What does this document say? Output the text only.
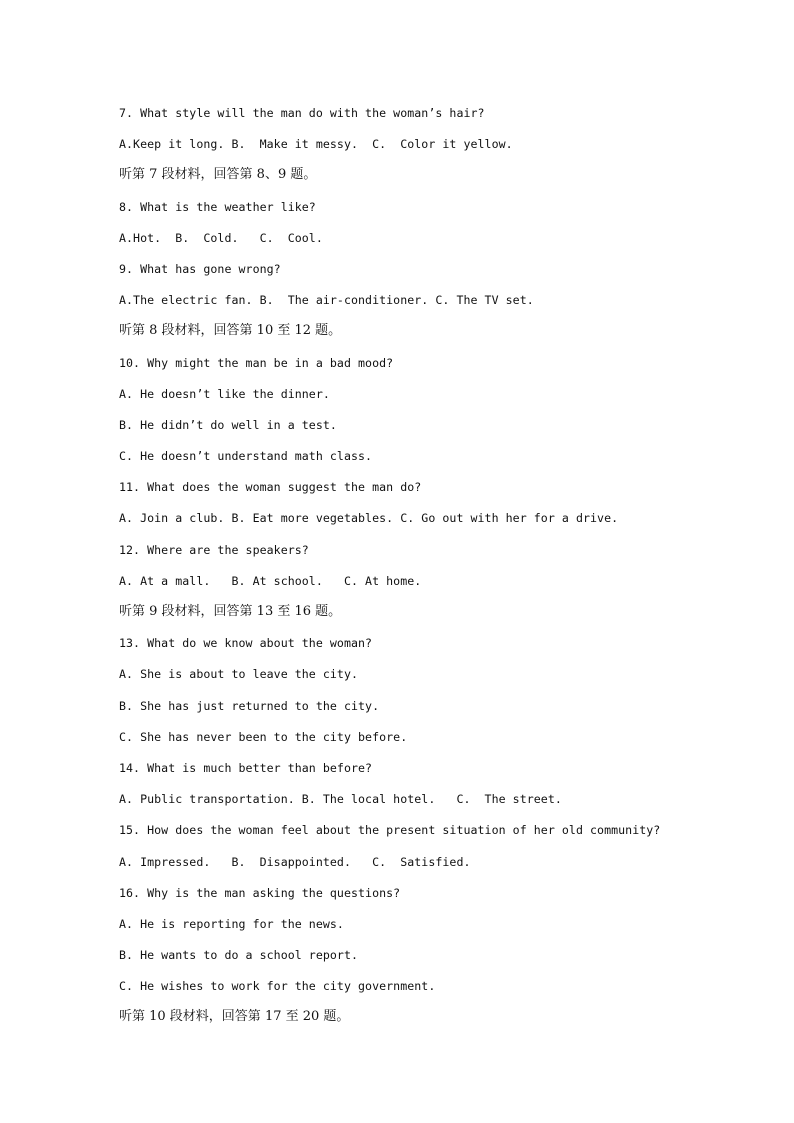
7. What style will the man do with the woman’s hair?
A.Keep it long. B.  Make it messy.  C.  Color it yellow.
听第 7 段材料，回答第 8、9 题。
8. What is the weather like?
A.Hot.  B.  Cold.   C.  Cool.
9. What has gone wrong?
A.The electric fan. B.  The air-conditioner. C. The TV set.
听第 8 段材料，回答第 10 至 12 题。
10. Why might the man be in a bad mood?
A. He doesn’t like the dinner.
B. He didn’t do well in a test.
C. He doesn’t understand math class.
11. What does the woman suggest the man do?
A. Join a club. B. Eat more vegetables. C. Go out with her for a drive.
12. Where are the speakers?
A. At a mall.   B. At school.   C. At home.
听第 9 段材料，回答第 13 至 16 题。
13. What do we know about the woman?
A. She is about to leave the city.
B. She has just returned to the city.
C. She has never been to the city before.
14. What is much better than before?
A. Public transportation. B. The local hotel.   C.  The street.
15. How does the woman feel about the present situation of her old community?
A. Impressed.   B.  Disappointed.   C.  Satisfied.
16. Why is the man asking the questions?
A. He is reporting for the news.
B. He wants to do a school report.
C. He wishes to work for the city government.
听第 10 段材料，回答第 17 至 20 题。
